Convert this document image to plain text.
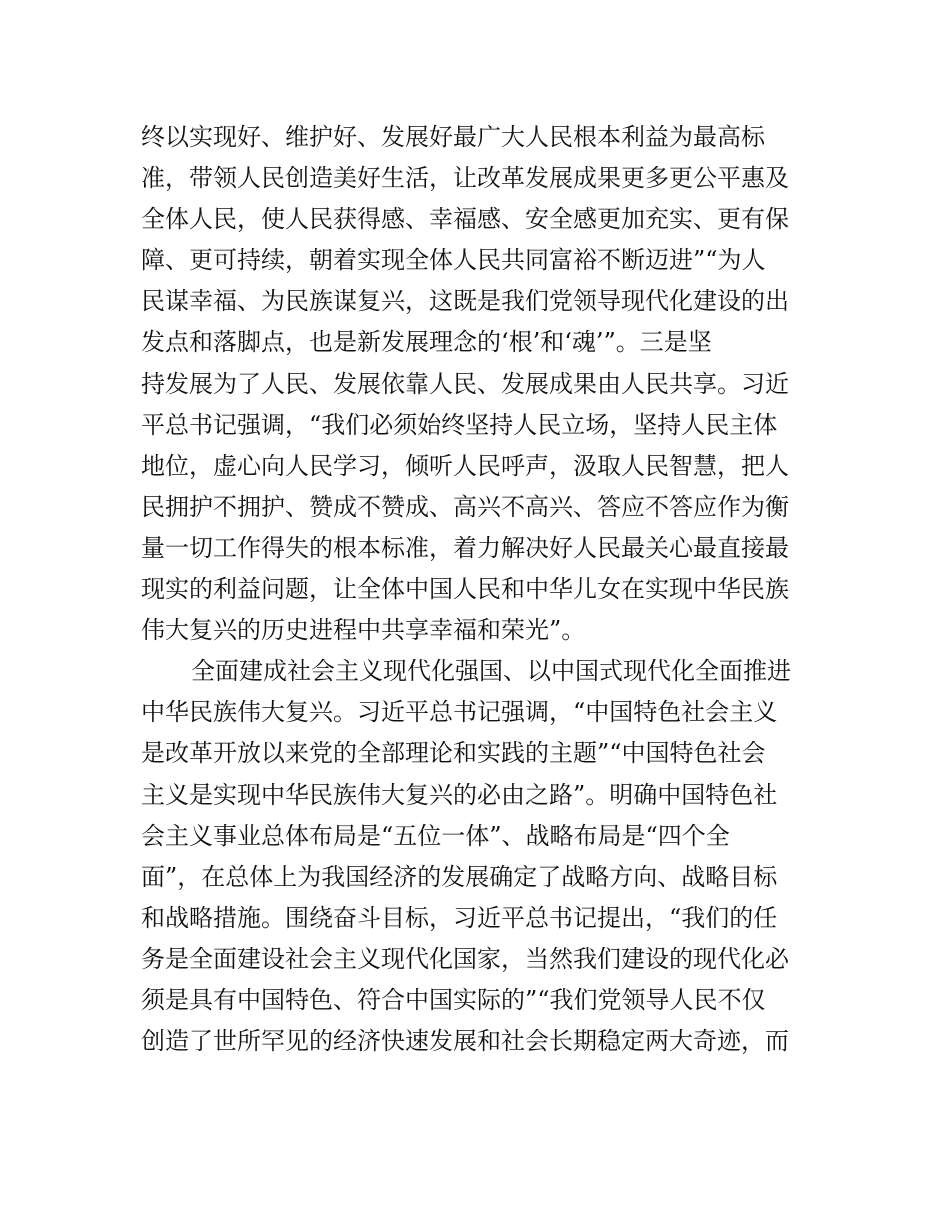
终以实现好、维护好、发展好最广大人民根本利益为最高标
准，带领人民创造美好生活，让改革发展成果更多更公平惠及
全体人民，使人民获得感、幸福感、安全感更加充实、更有保
障、更可持续，朝着实现全体人民共同富裕不断迈进”“为人
民谋幸福、为民族谋复兴，这既是我们党领导现代化建设的出
发点和落脚点，也是新发展理念的‘根’和‘魂’”。三是坚
持发展为了人民、发展依靠人民、发展成果由人民共享。习近
平总书记强调，“我们必须始终坚持人民立场，坚持人民主体
地位，虚心向人民学习，倾听人民呼声，汲取人民智慧，把人
民拥护不拥护、赞成不赞成、高兴不高兴、答应不答应作为衡
量一切工作得失的根本标准，着力解决好人民最关心最直接最
现实的利益问题，让全体中国人民和中华儿女在实现中华民族
伟大复兴的历史进程中共享幸福和荣光”。
全面建成社会主义现代化强国、以中国式现代化全面推进
中华民族伟大复兴。习近平总书记强调，“中国特色社会主义
是改革开放以来党的全部理论和实践的主题”“中国特色社会
主义是实现中华民族伟大复兴的必由之路”。明确中国特色社
会主义事业总体布局是“五位一体”、战略布局是“四个全
面”，在总体上为我国经济的发展确定了战略方向、战略目标
和战略措施。围绕奋斗目标，习近平总书记提出，“我们的任
务是全面建设社会主义现代化国家，当然我们建设的现代化必
须是具有中国特色、符合中国实际的”“我们党领导人民不仅
创造了世所罕见的经济快速发展和社会长期稳定两大奇迹，而
